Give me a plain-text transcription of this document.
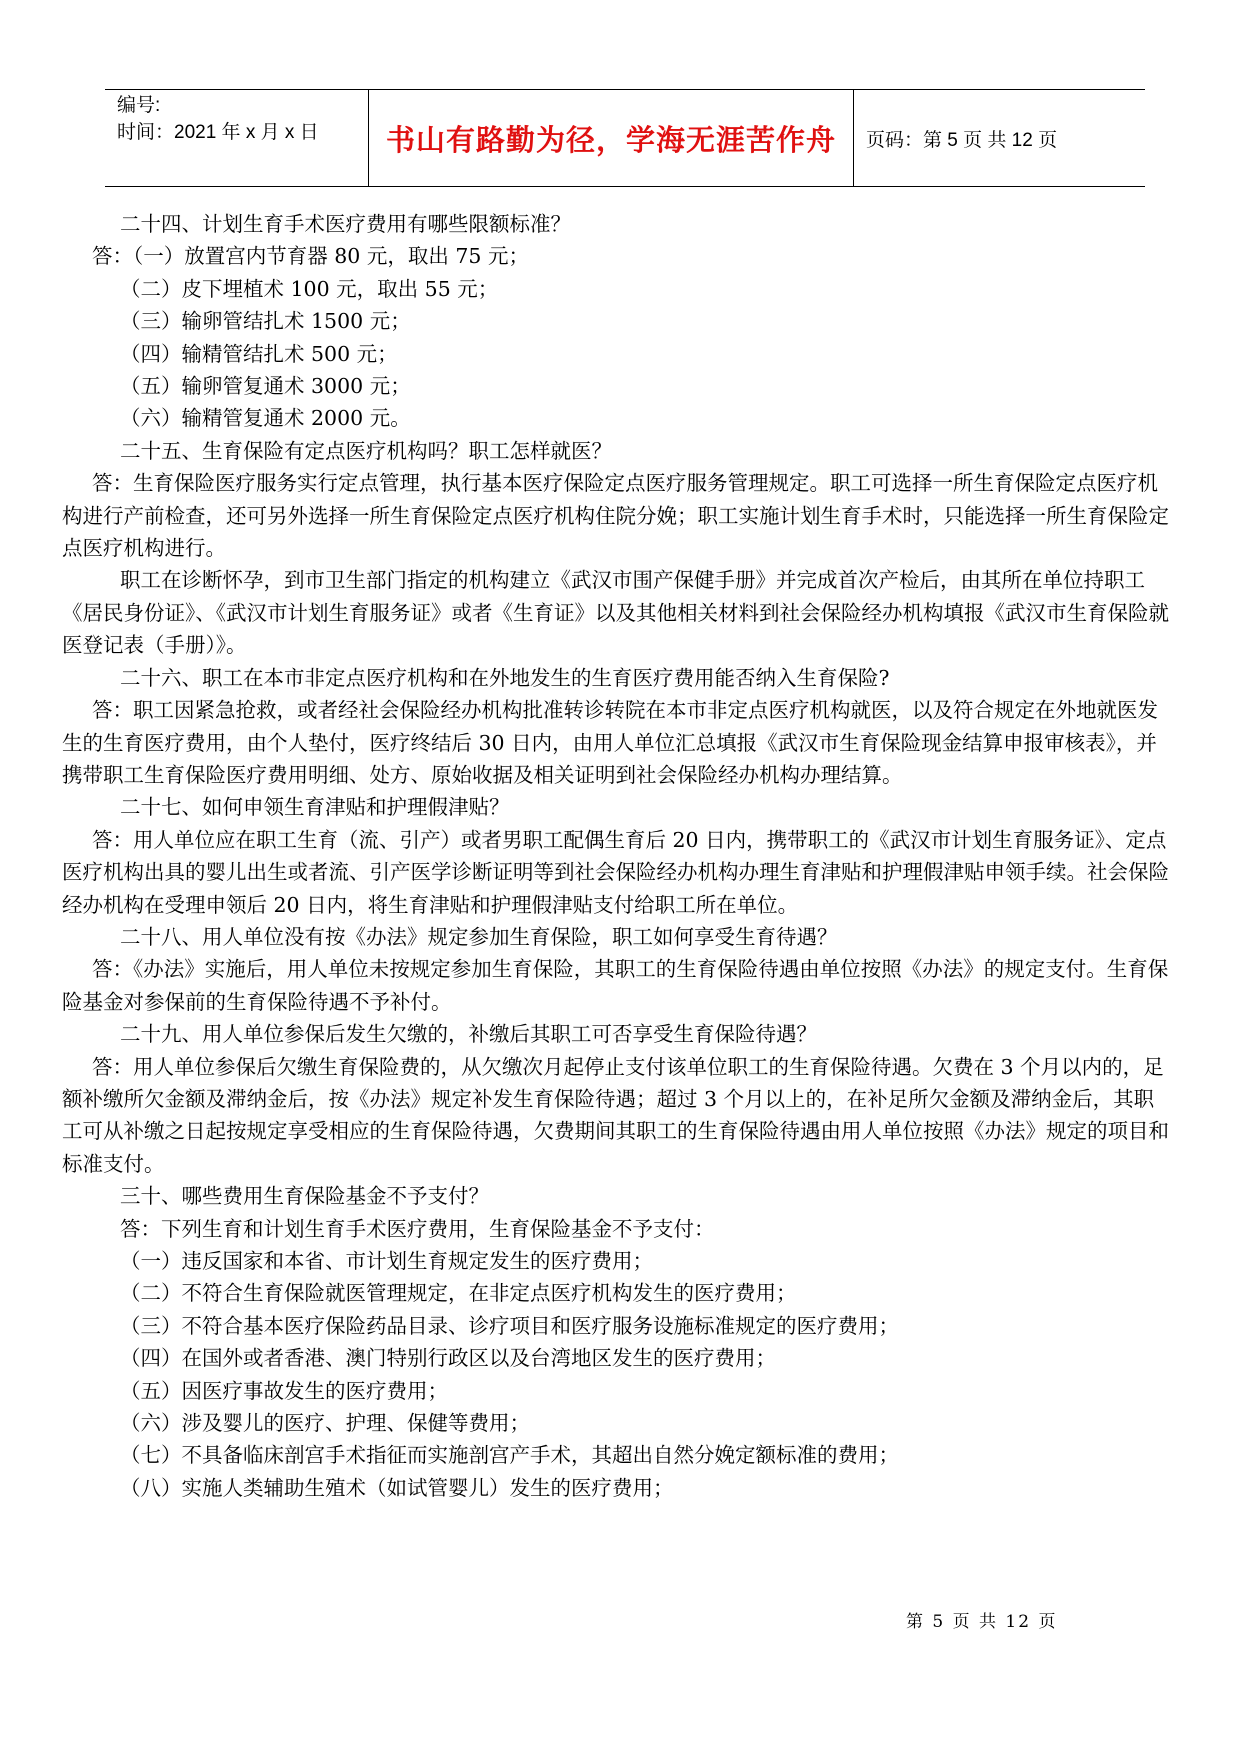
编号:
时间：2021 年 x 月 x 日	书山有路勤为径，学海无涯苦作舟	页码：第 5 页 共 12 页

二十四、计划生育手术医疗费用有哪些限额标准？

答：（一）放置宫内节育器 80 元，取出 75 元；

（二）皮下埋植术 100 元，取出 55 元；

（三）输卵管结扎术 1500 元；

（四）输精管结扎术 500 元；

（五）输卵管复通术 3000 元；

（六）输精管复通术 2000 元。

二十五、生育保险有定点医疗机构吗？职工怎样就医？

答：生育保险医疗服务实行定点管理，执行基本医疗保险定点医疗服务管理规定。职工可选择一所生育保险定点医疗机构进行产前检查，还可另外选择一所生育保险定点医疗机构住院分娩；职工实施计划生育手术时，只能选择一所生育保险定点医疗机构进行。

职工在诊断怀孕，到市卫生部门指定的机构建立《武汉市围产保健手册》并完成首次产检后，由其所在单位持职工《居民身份证》、《武汉市计划生育服务证》或者《生育证》以及其他相关材料到社会保险经办机构填报《武汉市生育保险就医登记表（手册）》。

二十六、职工在本市非定点医疗机构和在外地发生的生育医疗费用能否纳入生育保险?

答：职工因紧急抢救，或者经社会保险经办机构批准转诊转院在本市非定点医疗机构就医，以及符合规定在外地就医发生的生育医疗费用，由个人垫付，医疗终结后 30 日内，由用人单位汇总填报《武汉市生育保险现金结算申报审核表》，并携带职工生育保险医疗费用明细、处方、原始收据及相关证明到社会保险经办机构办理结算。

二十七、如何申领生育津贴和护理假津贴？

答：用人单位应在职工生育（流、引产）或者男职工配偶生育后 20 日内，携带职工的《武汉市计划生育服务证》、定点医疗机构出具的婴儿出生或者流、引产医学诊断证明等到社会保险经办机构办理生育津贴和护理假津贴申领手续。社会保险经办机构在受理申领后 20 日内，将生育津贴和护理假津贴支付给职工所在单位。

二十八、用人单位没有按《办法》规定参加生育保险，职工如何享受生育待遇？

答：《办法》实施后，用人单位未按规定参加生育保险，其职工的生育保险待遇由单位按照《办法》的规定支付。生育保险基金对参保前的生育保险待遇不予补付。

二十九、用人单位参保后发生欠缴的，补缴后其职工可否享受生育保险待遇？

答：用人单位参保后欠缴生育保险费的，从欠缴次月起停止支付该单位职工的生育保险待遇。欠费在 3 个月以内的，足额补缴所欠金额及滞纳金后，按《办法》规定补发生育保险待遇；超过 3 个月以上的，在补足所欠金额及滞纳金后，其职工可从补缴之日起按规定享受相应的生育保险待遇，欠费期间其职工的生育保险待遇由用人单位按照《办法》规定的项目和标准支付。

三十、哪些费用生育保险基金不予支付？

答：下列生育和计划生育手术医疗费用，生育保险基金不予支付：

（一）违反国家和本省、市计划生育规定发生的医疗费用；

（二）不符合生育保险就医管理规定，在非定点医疗机构发生的医疗费用；

（三）不符合基本医疗保险药品目录、诊疗项目和医疗服务设施标准规定的医疗费用；

（四）在国外或者香港、澳门特别行政区以及台湾地区发生的医疗费用；

（五）因医疗事故发生的医疗费用；

（六）涉及婴儿的医疗、护理、保健等费用；

（七）不具备临床剖宫手术指征而实施剖宫产手术，其超出自然分娩定额标准的费用；

（八）实施人类辅助生殖术（如试管婴儿）发生的医疗费用；

第 5 页 共 12 页
